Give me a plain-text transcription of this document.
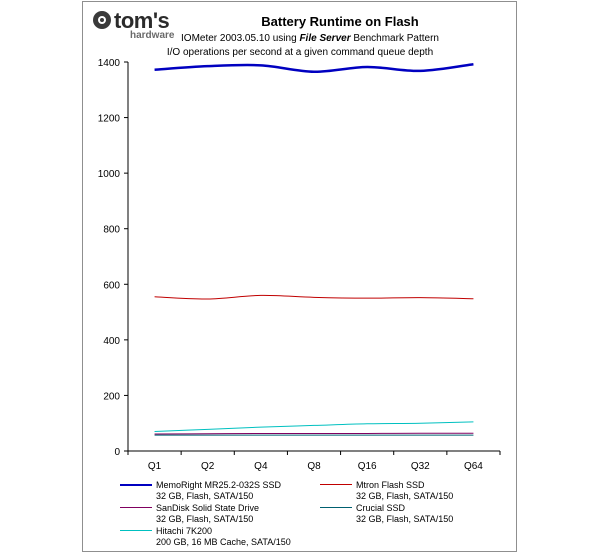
tom's
hardware
Battery Runtime on Flash
IOMeter 2003.05.10 using File Server Benchmark Pattern
I/O operations per second at a given command queue depth
0
200
400
600
800
1000
1200
1400
Q1	Q2	Q4	Q8	Q16	Q32	Q64
MemoRight MR25.2-032S SSD
32 GB, Flash, SATA/150
Mtron Flash SSD
32 GB, Flash, SATA/150
SanDisk Solid State Drive
32 GB, Flash, SATA/150
Crucial SSD
32 GB, Flash, SATA/150
Hitachi 7K200
200 GB, 16 MB Cache, SATA/150
